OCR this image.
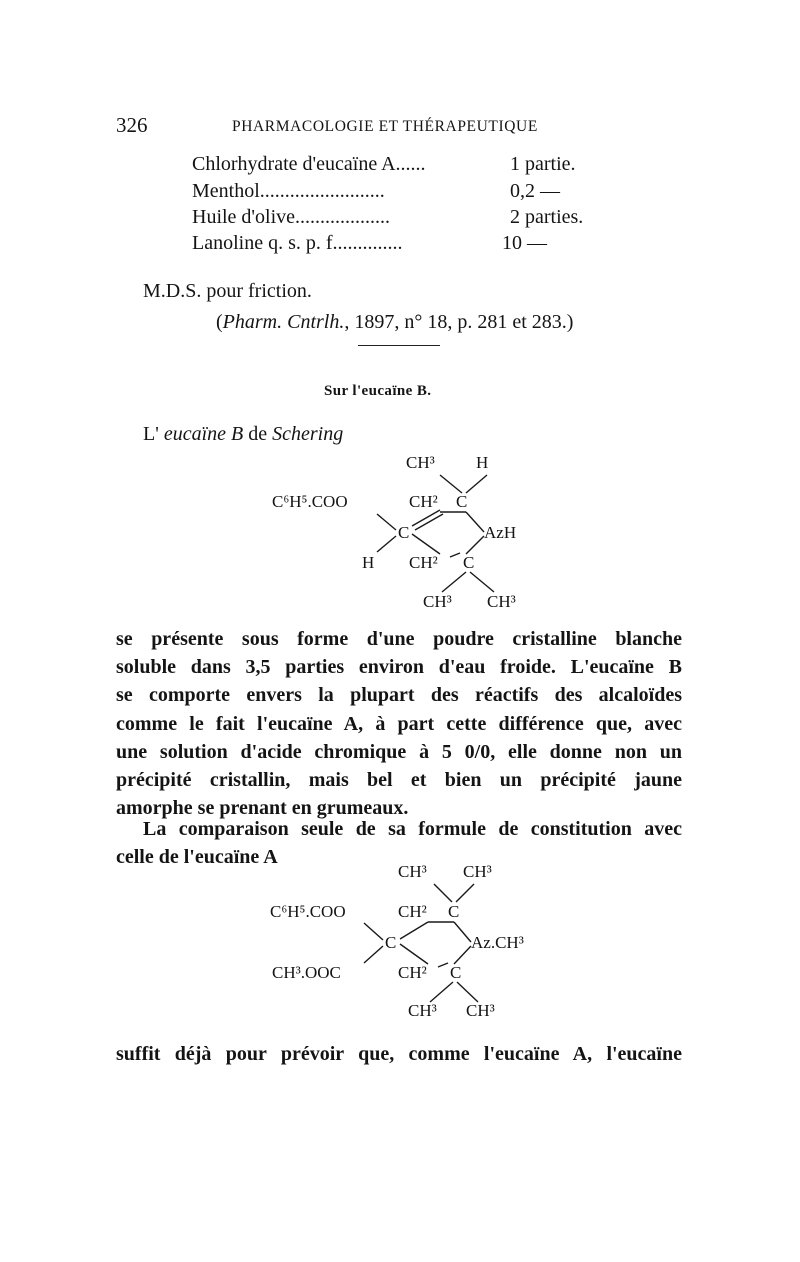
326	PHARMACOLOGIE ET THÉRAPEUTIQUE
Chlorhydrate d'eucaïne A......	1 partie.
Menthol.........................	0,2 —
Huile d'olive...................	2 parties.
Lanoline q. s. p. f..............	10 —
M.D.S. pour friction.
(Pharm. Cntrlh., 1897, n° 18, p. 281 et 283.)
Sur l'eucaïne B.
L' eucaïne B de Schering
CH³ H
C⁶H⁵.COO	CH² C
C	AzH
H CH² C
CH³ CH³
se présente sous forme d'une poudre cristalline blanche
soluble dans 3,5 parties environ d'eau froide. L'eucaïne B
se comporte envers la plupart des réactifs des alcaloïdes
comme le fait l'eucaïne A, à part cette différence que, avec
une solution d'acide chromique à 5 0/0, elle donne non un
précipité cristallin, mais bel et bien un précipité jaune
amorphe se prenant en grumeaux.
La comparaison seule de sa formule de constitution avec
celle de l'eucaïne A
CH³ CH³
C⁶H⁵.COO	CH² C
C	Az.CH³
CH³.OOC	CH² C
CH³ CH³
suffit déjà pour prévoir que, comme l'eucaïne A, l'eucaïne
